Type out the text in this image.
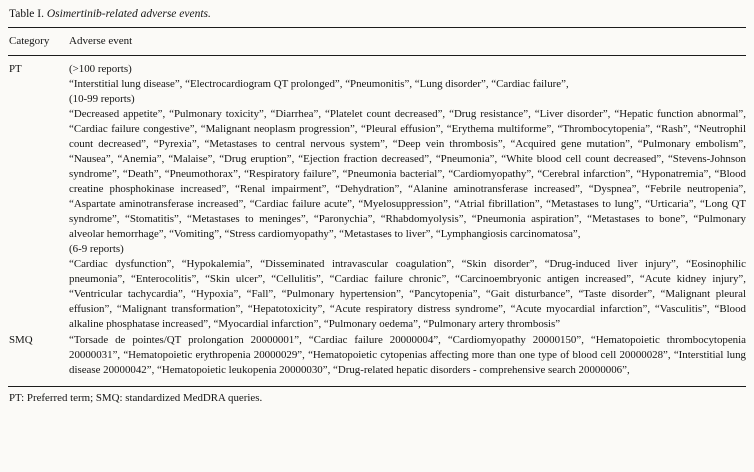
Table I. Osimertinib-related adverse events.
Category	Adverse event
PT	(>100 reports)
“Interstitial lung disease”, “Electrocardiogram QT prolonged”, “Pneumonitis”, “Lung disorder”, “Cardiac failure”,
(10-99 reports)
“Decreased appetite”, “Pulmonary toxicity”, “Diarrhea”, “Platelet count decreased”, “Drug resistance”, “Liver disorder”, “Hepatic function abnormal”, “Cardiac failure congestive”, “Malignant neoplasm progression”, “Pleural effusion”, “Erythema multiforme”, “Thrombocytopenia”, “Rash”, “Neutrophil count decreased”, “Pyrexia”, “Metastases to central nervous system”, “Deep vein thrombosis”, “Acquired gene mutation”, “Pulmonary embolism”, “Nausea”, “Anemia”, “Malaise”, “Drug eruption”, “Ejection fraction decreased”, “Pneumonia”, “White blood cell count decreased”, “Stevens-Johnson syndrome”, “Death”, “Pneumothorax”, “Respiratory failure”, “Pneumonia bacterial”, “Cardiomyopathy”, “Cerebral infarction”, “Hyponatremia”, “Blood creatine phosphokinase increased”, “Renal impairment”, “Dehydration”, “Alanine aminotransferase increased”, “Dyspnea”, “Febrile neutropenia”, “Aspartate aminotransferase increased”, “Cardiac failure acute”, “Myelosuppression”, “Atrial fibrillation”, “Metastases to lung”, “Urticaria”, “Long QT syndrome”, “Stomatitis”, “Metastases to meninges”, “Paronychia”, “Rhabdomyolysis”, “Pneumonia aspiration”, “Metastases to bone”, “Pulmonary alveolar hemorrhage”, “Vomiting”, “Stress cardiomyopathy”, “Metastases to liver”, “Lymphangiosis carcinomatosa”,
(6-9 reports)
“Cardiac dysfunction”, “Hypokalemia”, “Disseminated intravascular coagulation”, “Skin disorder”, “Drug-induced liver injury”, “Eosinophilic pneumonia”, “Enterocolitis”, “Skin ulcer”, “Cellulitis”, “Cardiac failure chronic”, “Carcinoembryonic antigen increased”, “Acute kidney injury”, “Ventricular tachycardia”, “Hypoxia”, “Fall”, “Pulmonary hypertension”, “Pancytopenia”, “Gait disturbance”, “Taste disorder”, “Malignant pleural effusion”, “Malignant transformation”, “Hepatotoxicity”, “Acute respiratory distress syndrome”, “Acute myocardial infarction”, “Vasculitis”, “Blood alkaline phosphatase increased”, “Myocardial infarction”, “Pulmonary oedema”, “Pulmonary artery thrombosis”
SMQ	“Torsade de pointes/QT prolongation 20000001”, “Cardiac failure 20000004”, “Cardiomyopathy 20000150”, “Hematopoietic thrombocytopenia 20000031”, “Hematopoietic erythropenia 20000029”, “Hematopoietic cytopenias affecting more than one type of blood cell 20000028”, “Interstitial lung disease 20000042”, “Hematopoietic leukopenia 20000030”, “Drug-related hepatic disorders - comprehensive search 20000006”,
PT: Preferred term; SMQ: standardized MedDRA queries.
